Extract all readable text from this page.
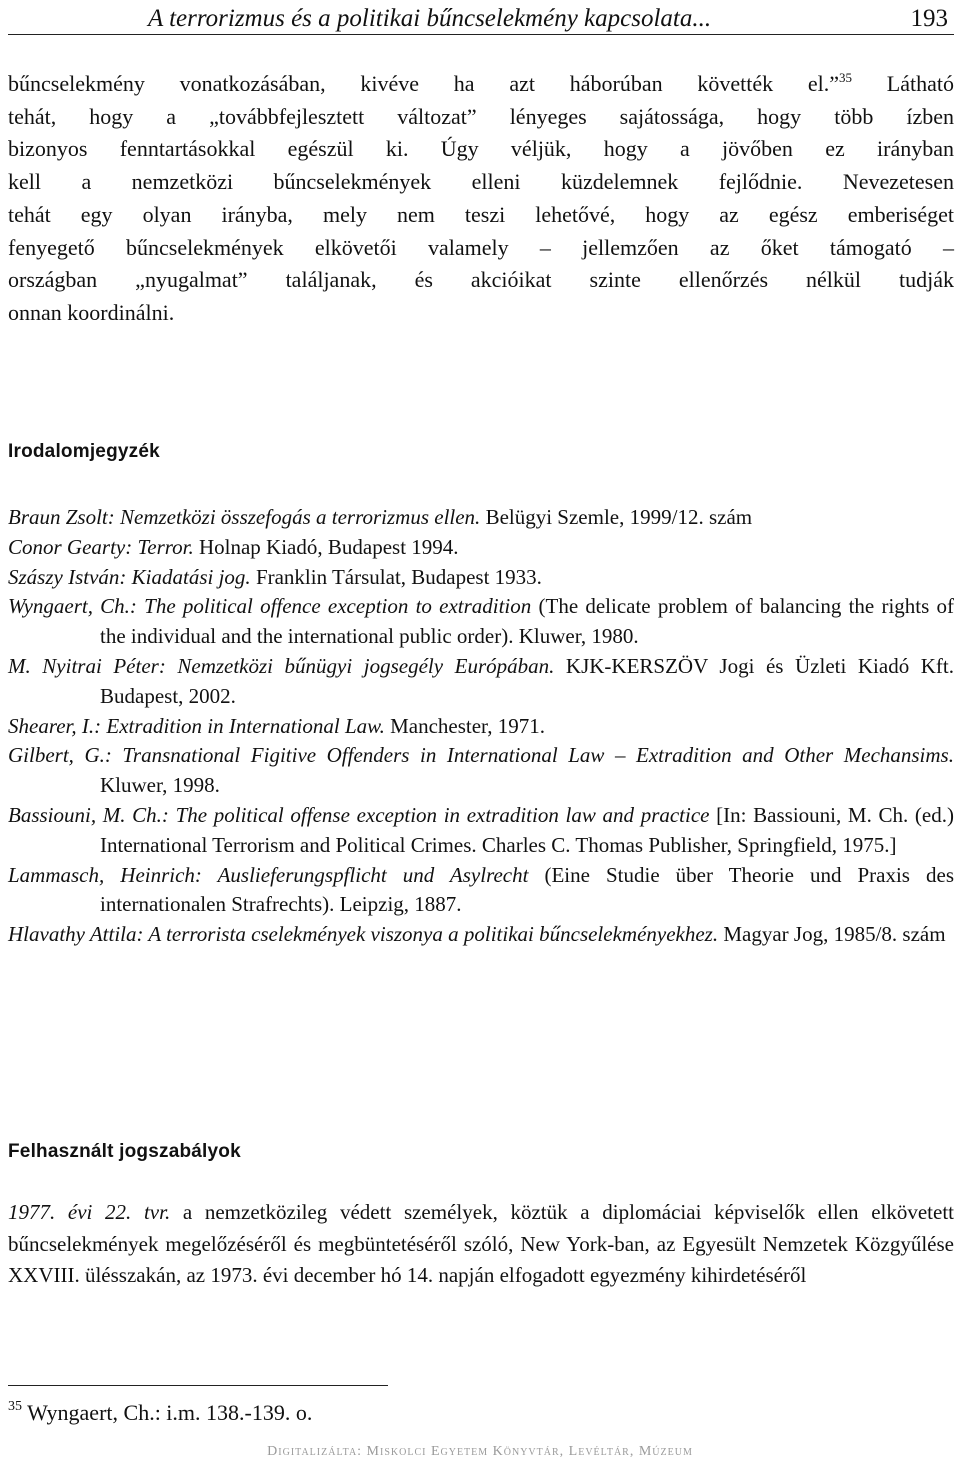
A terrorizmus és a politikai bűncselekmény kapcsolata...	193
bűncselekmény vonatkozásában, kivéve ha azt háborúban követték el.”$^{35}$ Látható
tehát, hogy a „továbbfejlesztett változat” lényeges sajátossága, hogy több ízben
bizonyos fenntartásokkal egészül ki. Úgy véljük, hogy a jövőben ez irányban
kell a nemzetközi bűncselekmények elleni küzdelemnek fejlődnie. Nevezetesen
tehát egy olyan irányba, mely nem teszi lehetővé, hogy az egész emberiséget
fenyegető bűncselekmények elkövetői valamely – jellemzően az őket támogató –
országban „nyugalmat” találjanak, és akcióikat szinte ellenőrzés nélkül tudják
onnan koordinálni.
Irodalomjegyzék
Braun Zsolt: Nemzetközi összefogás a terrorizmus ellen. Belügyi Szemle, 1999/12. szám
Conor Gearty: Terror. Holnap Kiadó, Budapest 1994.
Szászy István: Kiadatási jog. Franklin Társulat, Budapest 1933.
Wyngaert, Ch.: The political offence exception to extradition (The delicate problem of balancing the rights of the individual and the international public order). Kluwer, 1980.
M. Nyitrai Péter: Nemzetközi bűnügyi jogsegély Európában. KJK-KERSZÖV Jogi és Üzleti Kiadó Kft. Budapest, 2002.
Shearer, I.: Extradition in International Law. Manchester, 1971.
Gilbert, G.: Transnational Figitive Offenders in International Law – Extradition and Other Mechansims. Kluwer, 1998.
Bassiouni, M. Ch.: The political offense exception in extradition law and practice [In: Bassiouni, M. Ch. (ed.) International Terrorism and Political Crimes. Charles C. Thomas Publisher, Springfield, 1975.]
Lammasch, Heinrich: Auslieferungspflicht und Asylrecht (Eine Studie über Theorie und Praxis des internationalen Strafrechts). Leipzig, 1887.
Hlavathy Attila: A terrorista cselekmények viszonya a politikai bűncselekményekhez. Magyar Jog, 1985/8. szám
Felhasznált jogszabályok
1977. évi 22. tvr. a nemzetközileg védett személyek, köztük a diplomáciai képviselők ellen elkövetett bűncselekmények megelőzéséről és megbüntetéséről szóló, New York-ban, az Egyesült Nemzetek Közgyűlése XXVIII. ülésszakán, az 1973. évi december hó 14. napján elfogadott egyezmény kihirdetéséről
$^{35}$ Wyngaert, Ch.: i.m. 138.-139. o.
Digitalizálta: Miskolci Egyetem Könyvtár, Levéltár, Múzeum
